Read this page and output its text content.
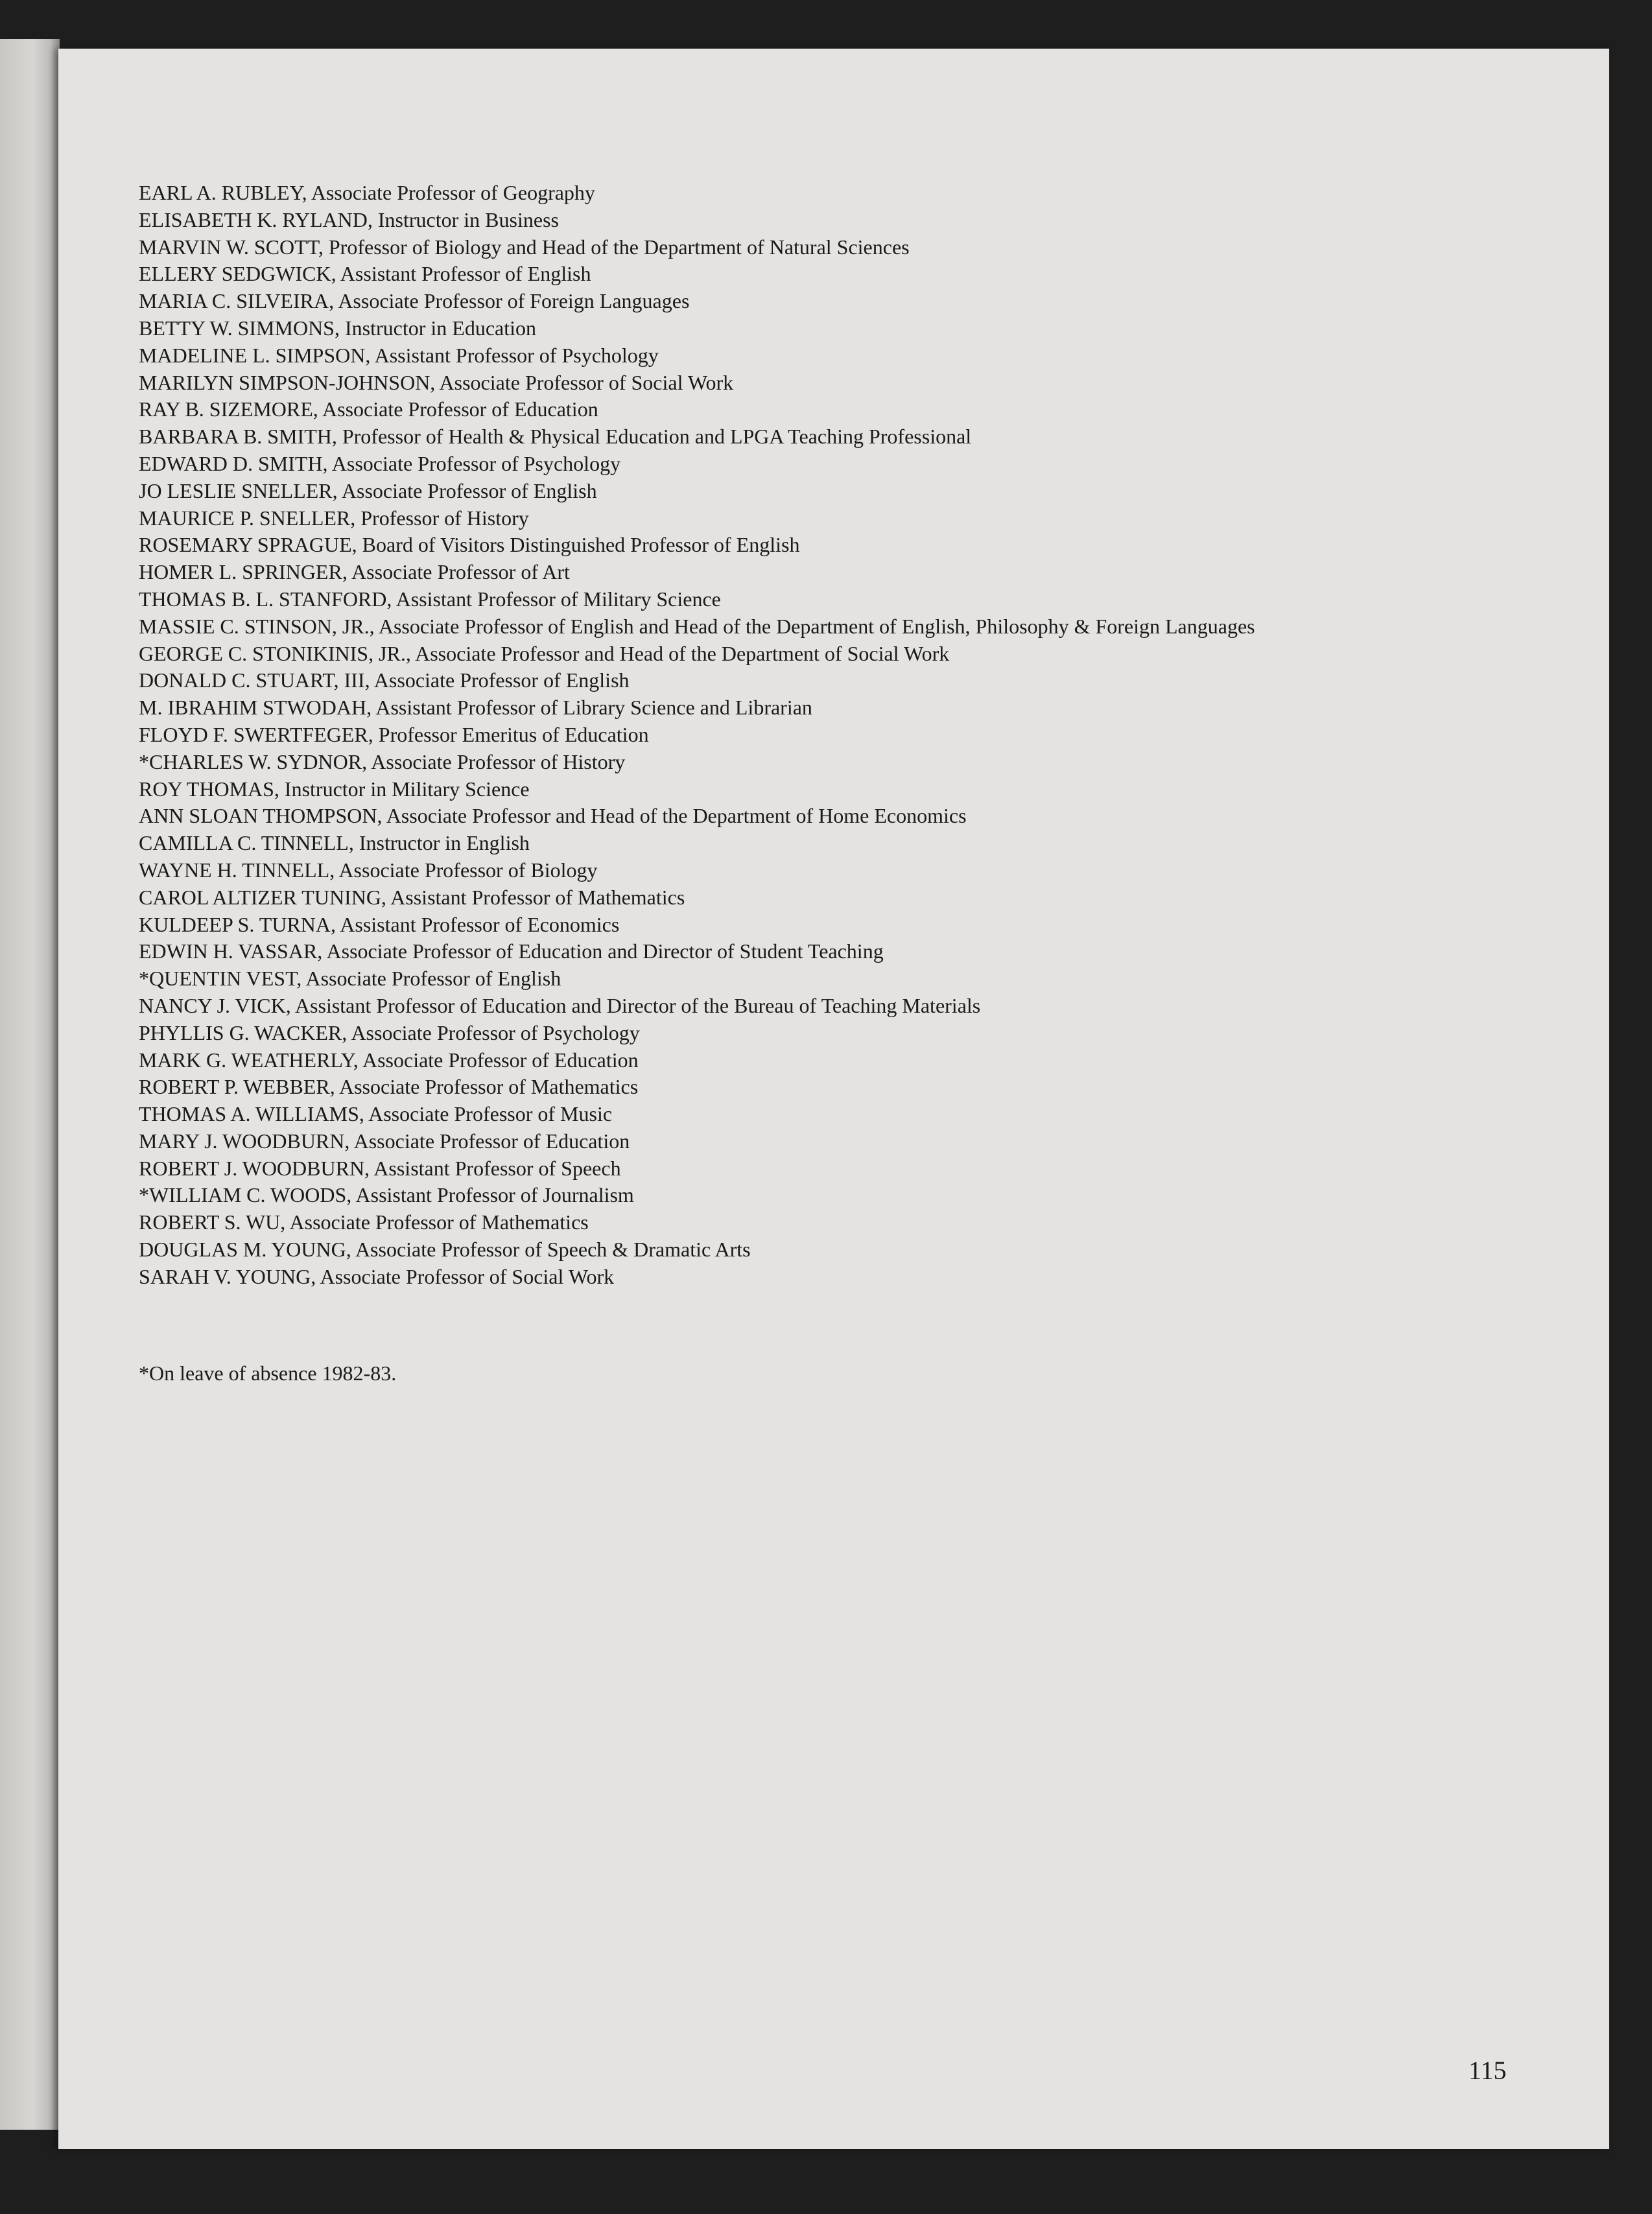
EARL A. RUBLEY, Associate Professor of Geography
ELISABETH K. RYLAND, Instructor in Business
MARVIN W. SCOTT, Professor of Biology and Head of the Department of Natural Sciences
ELLERY SEDGWICK, Assistant Professor of English
MARIA C. SILVEIRA, Associate Professor of Foreign Languages
BETTY W. SIMMONS, Instructor in Education
MADELINE L. SIMPSON, Assistant Professor of Psychology
MARILYN SIMPSON-JOHNSON, Associate Professor of Social Work
RAY B. SIZEMORE, Associate Professor of Education
BARBARA B. SMITH, Professor of Health & Physical Education and LPGA Teaching Professional
EDWARD D. SMITH, Associate Professor of Psychology
JO LESLIE SNELLER, Associate Professor of English
MAURICE P. SNELLER, Professor of History
ROSEMARY SPRAGUE, Board of Visitors Distinguished Professor of English
HOMER L. SPRINGER, Associate Professor of Art
THOMAS B. L. STANFORD, Assistant Professor of Military Science
MASSIE C. STINSON, JR., Associate Professor of English and Head of the Department of English, Philosophy & Foreign Languages
GEORGE C. STONIKINIS, JR., Associate Professor and Head of the Department of Social Work
DONALD C. STUART, III, Associate Professor of English
M. IBRAHIM STWODAH, Assistant Professor of Library Science and Librarian
FLOYD F. SWERTFEGER, Professor Emeritus of Education
*CHARLES W. SYDNOR, Associate Professor of History
ROY THOMAS, Instructor in Military Science
ANN SLOAN THOMPSON, Associate Professor and Head of the Department of Home Economics
CAMILLA C. TINNELL, Instructor in English
WAYNE H. TINNELL, Associate Professor of Biology
CAROL ALTIZER TUNING, Assistant Professor of Mathematics
KULDEEP S. TURNA, Assistant Professor of Economics
EDWIN H. VASSAR, Associate Professor of Education and Director of Student Teaching
*QUENTIN VEST, Associate Professor of English
NANCY J. VICK, Assistant Professor of Education and Director of the Bureau of Teaching Materials
PHYLLIS G. WACKER, Associate Professor of Psychology
MARK G. WEATHERLY, Associate Professor of Education
ROBERT P. WEBBER, Associate Professor of Mathematics
THOMAS A. WILLIAMS, Associate Professor of Music
MARY J. WOODBURN, Associate Professor of Education
ROBERT J. WOODBURN, Assistant Professor of Speech
*WILLIAM C. WOODS, Assistant Professor of Journalism
ROBERT S. WU, Associate Professor of Mathematics
DOUGLAS M. YOUNG, Associate Professor of Speech & Dramatic Arts
SARAH V. YOUNG, Associate Professor of Social Work
*On leave of absence 1982-83.
115
